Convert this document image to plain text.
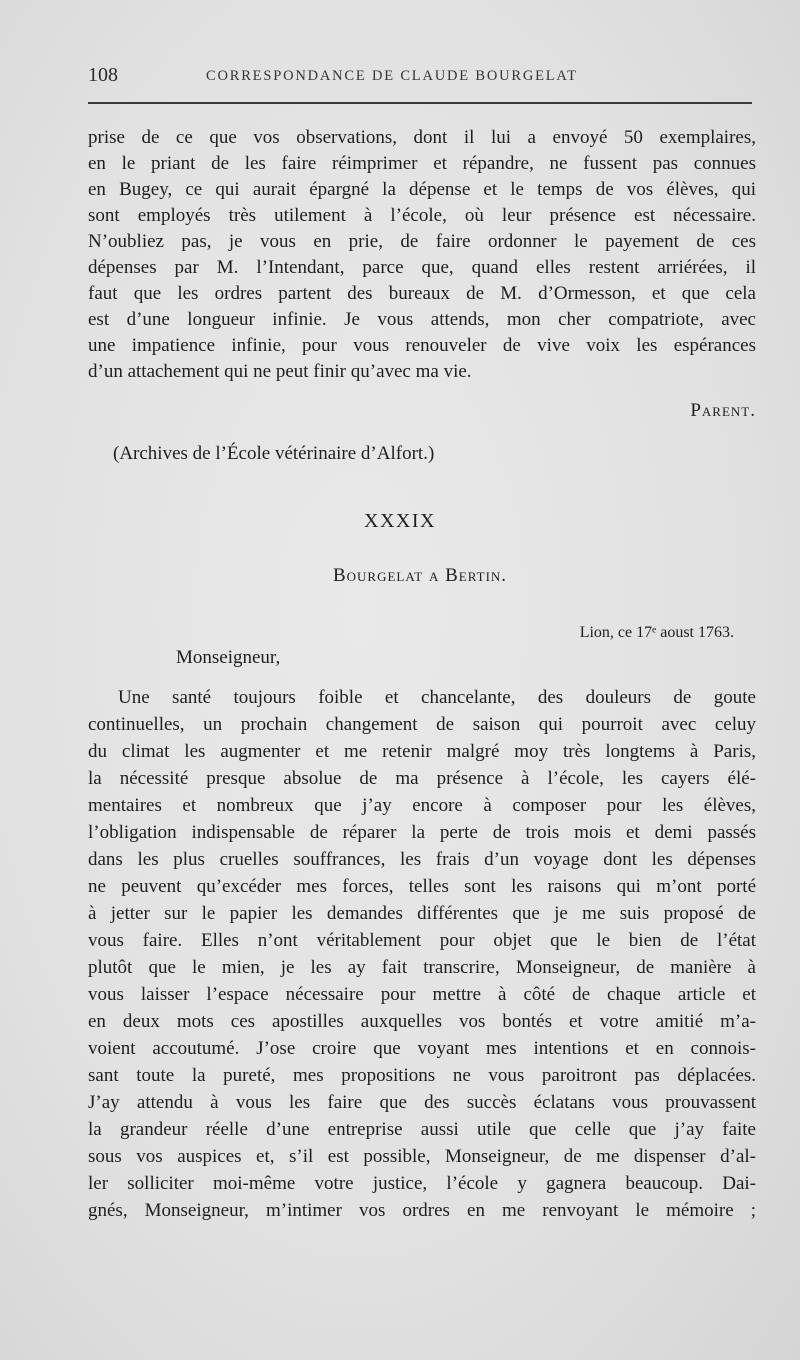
108	CORRESPONDANCE DE CLAUDE BOURGELAT
prise de ce que vos observations, dont il lui a envoyé 50 exemplaires,
en le priant de les faire réimprimer et répandre, ne fussent pas connues
en Bugey, ce qui aurait épargné la dépense et le temps de vos élèves, qui
sont employés très utilement à l’école, où leur présence est nécessaire.
N’oubliez pas, je vous en prie, de faire ordonner le payement de ces
dépenses par M. l’Intendant, parce que, quand elles restent arriérées, il
faut que les ordres partent des bureaux de M. d’Ormesson, et que cela
est d’une longueur infinie. Je vous attends, mon cher compatriote, avec
une impatience infinie, pour vous renouveler de vive voix les espérances
d’un attachement qui ne peut finir qu’avec ma vie.
Parent.
(Archives de l’École vétérinaire d’Alfort.)
XXXIX
Bourgelat a Bertin.
Lion, ce 17ᵉ aoust 1763.
Monseigneur,
Une santé toujours foible et chancelante, des douleurs de goute
continuelles, un prochain changement de saison qui pourroit avec celuy
du climat les augmenter et me retenir malgré moy très longtems à Paris,
la nécessité presque absolue de ma présence à l’école, les cayers élé-
mentaires et nombreux que j’ay encore à composer pour les élèves,
l’obligation indispensable de réparer la perte de trois mois et demi passés
dans les plus cruelles souffrances, les frais d’un voyage dont les dépenses
ne peuvent qu’excéder mes forces, telles sont les raisons qui m’ont porté
à jetter sur le papier les demandes différentes que je me suis proposé de
vous faire. Elles n’ont véritablement pour objet que le bien de l’état
plutôt que le mien, je les ay fait transcrire, Monseigneur, de manière à
vous laisser l’espace nécessaire pour mettre à côté de chaque article et
en deux mots ces apostilles auxquelles vos bontés et votre amitié m’a-
voient accoutumé. J’ose croire que voyant mes intentions et en connois-
sant toute la pureté, mes propositions ne vous paroitront pas déplacées.
J’ay attendu à vous les faire que des succès éclatans vous prouvassent
la grandeur réelle d’une entreprise aussi utile que celle que j’ay faite
sous vos auspices et, s’il est possible, Monseigneur, de me dispenser d’al-
ler solliciter moi-même votre justice, l’école y gagnera beaucoup. Dai-
gnés, Monseigneur, m’intimer vos ordres en me renvoyant le mémoire ;
